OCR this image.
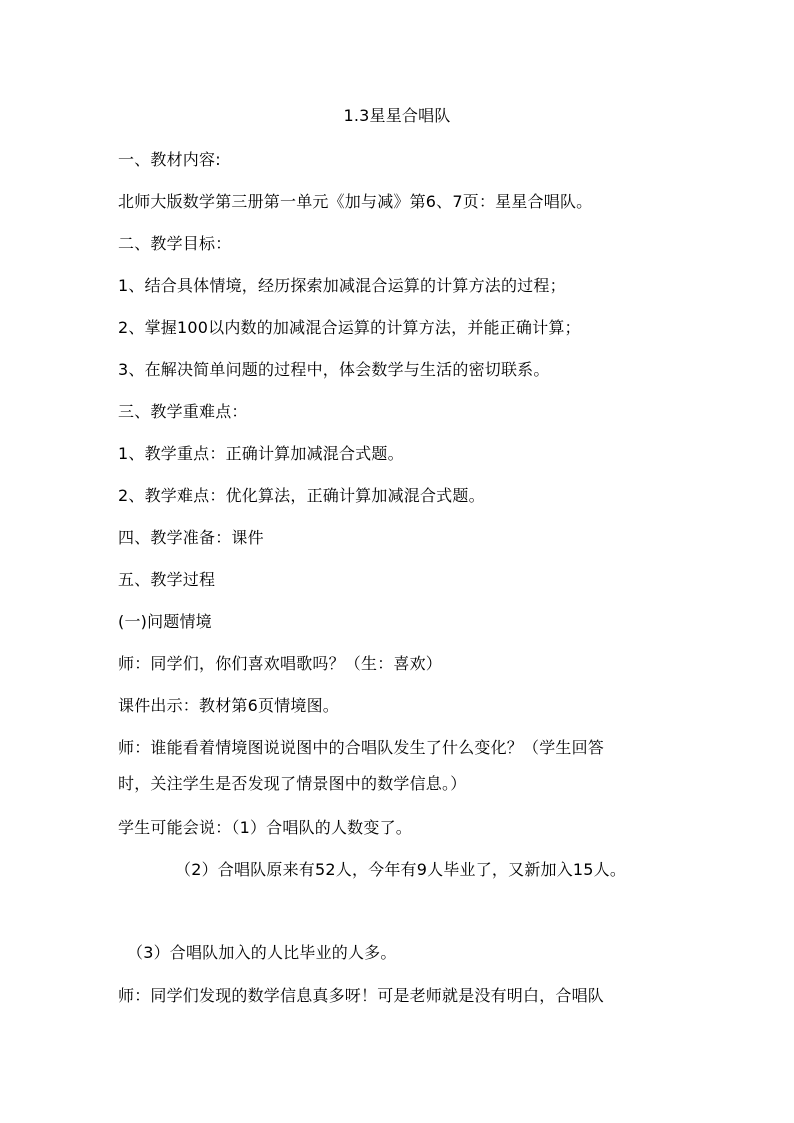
1.3星星合唱队
一、教材内容:
北师大版数学第三册第一单元《加与减》第6、7页：星星合唱队。
二、教学目标：
1、结合具体情境，经历探索加减混合运算的计算方法的过程；
2、掌握100以内数的加减混合运算的计算方法，并能正确计算；
3、在解决简单问题的过程中，体会数学与生活的密切联系。
三、教学重难点：
1、教学重点：正确计算加减混合式题。
2、教学难点：优化算法，正确计算加减混合式题。
四、教学准备：课件
五、教学过程
(一)问题情境
师：同学们，你们喜欢唱歌吗？（生：喜欢）
课件出示：教材第6页情境图。
师：谁能看着情境图说说图中的合唱队发生了什么变化？（学生回答
时，关注学生是否发现了情景图中的数学信息。）
学生可能会说：（1）合唱队的人数变了。
（2）合唱队原来有52人，今年有9人毕业了，又新加入15人。
（3）合唱队加入的人比毕业的人多。
师：同学们发现的数学信息真多呀！可是老师就是没有明白，合唱队
